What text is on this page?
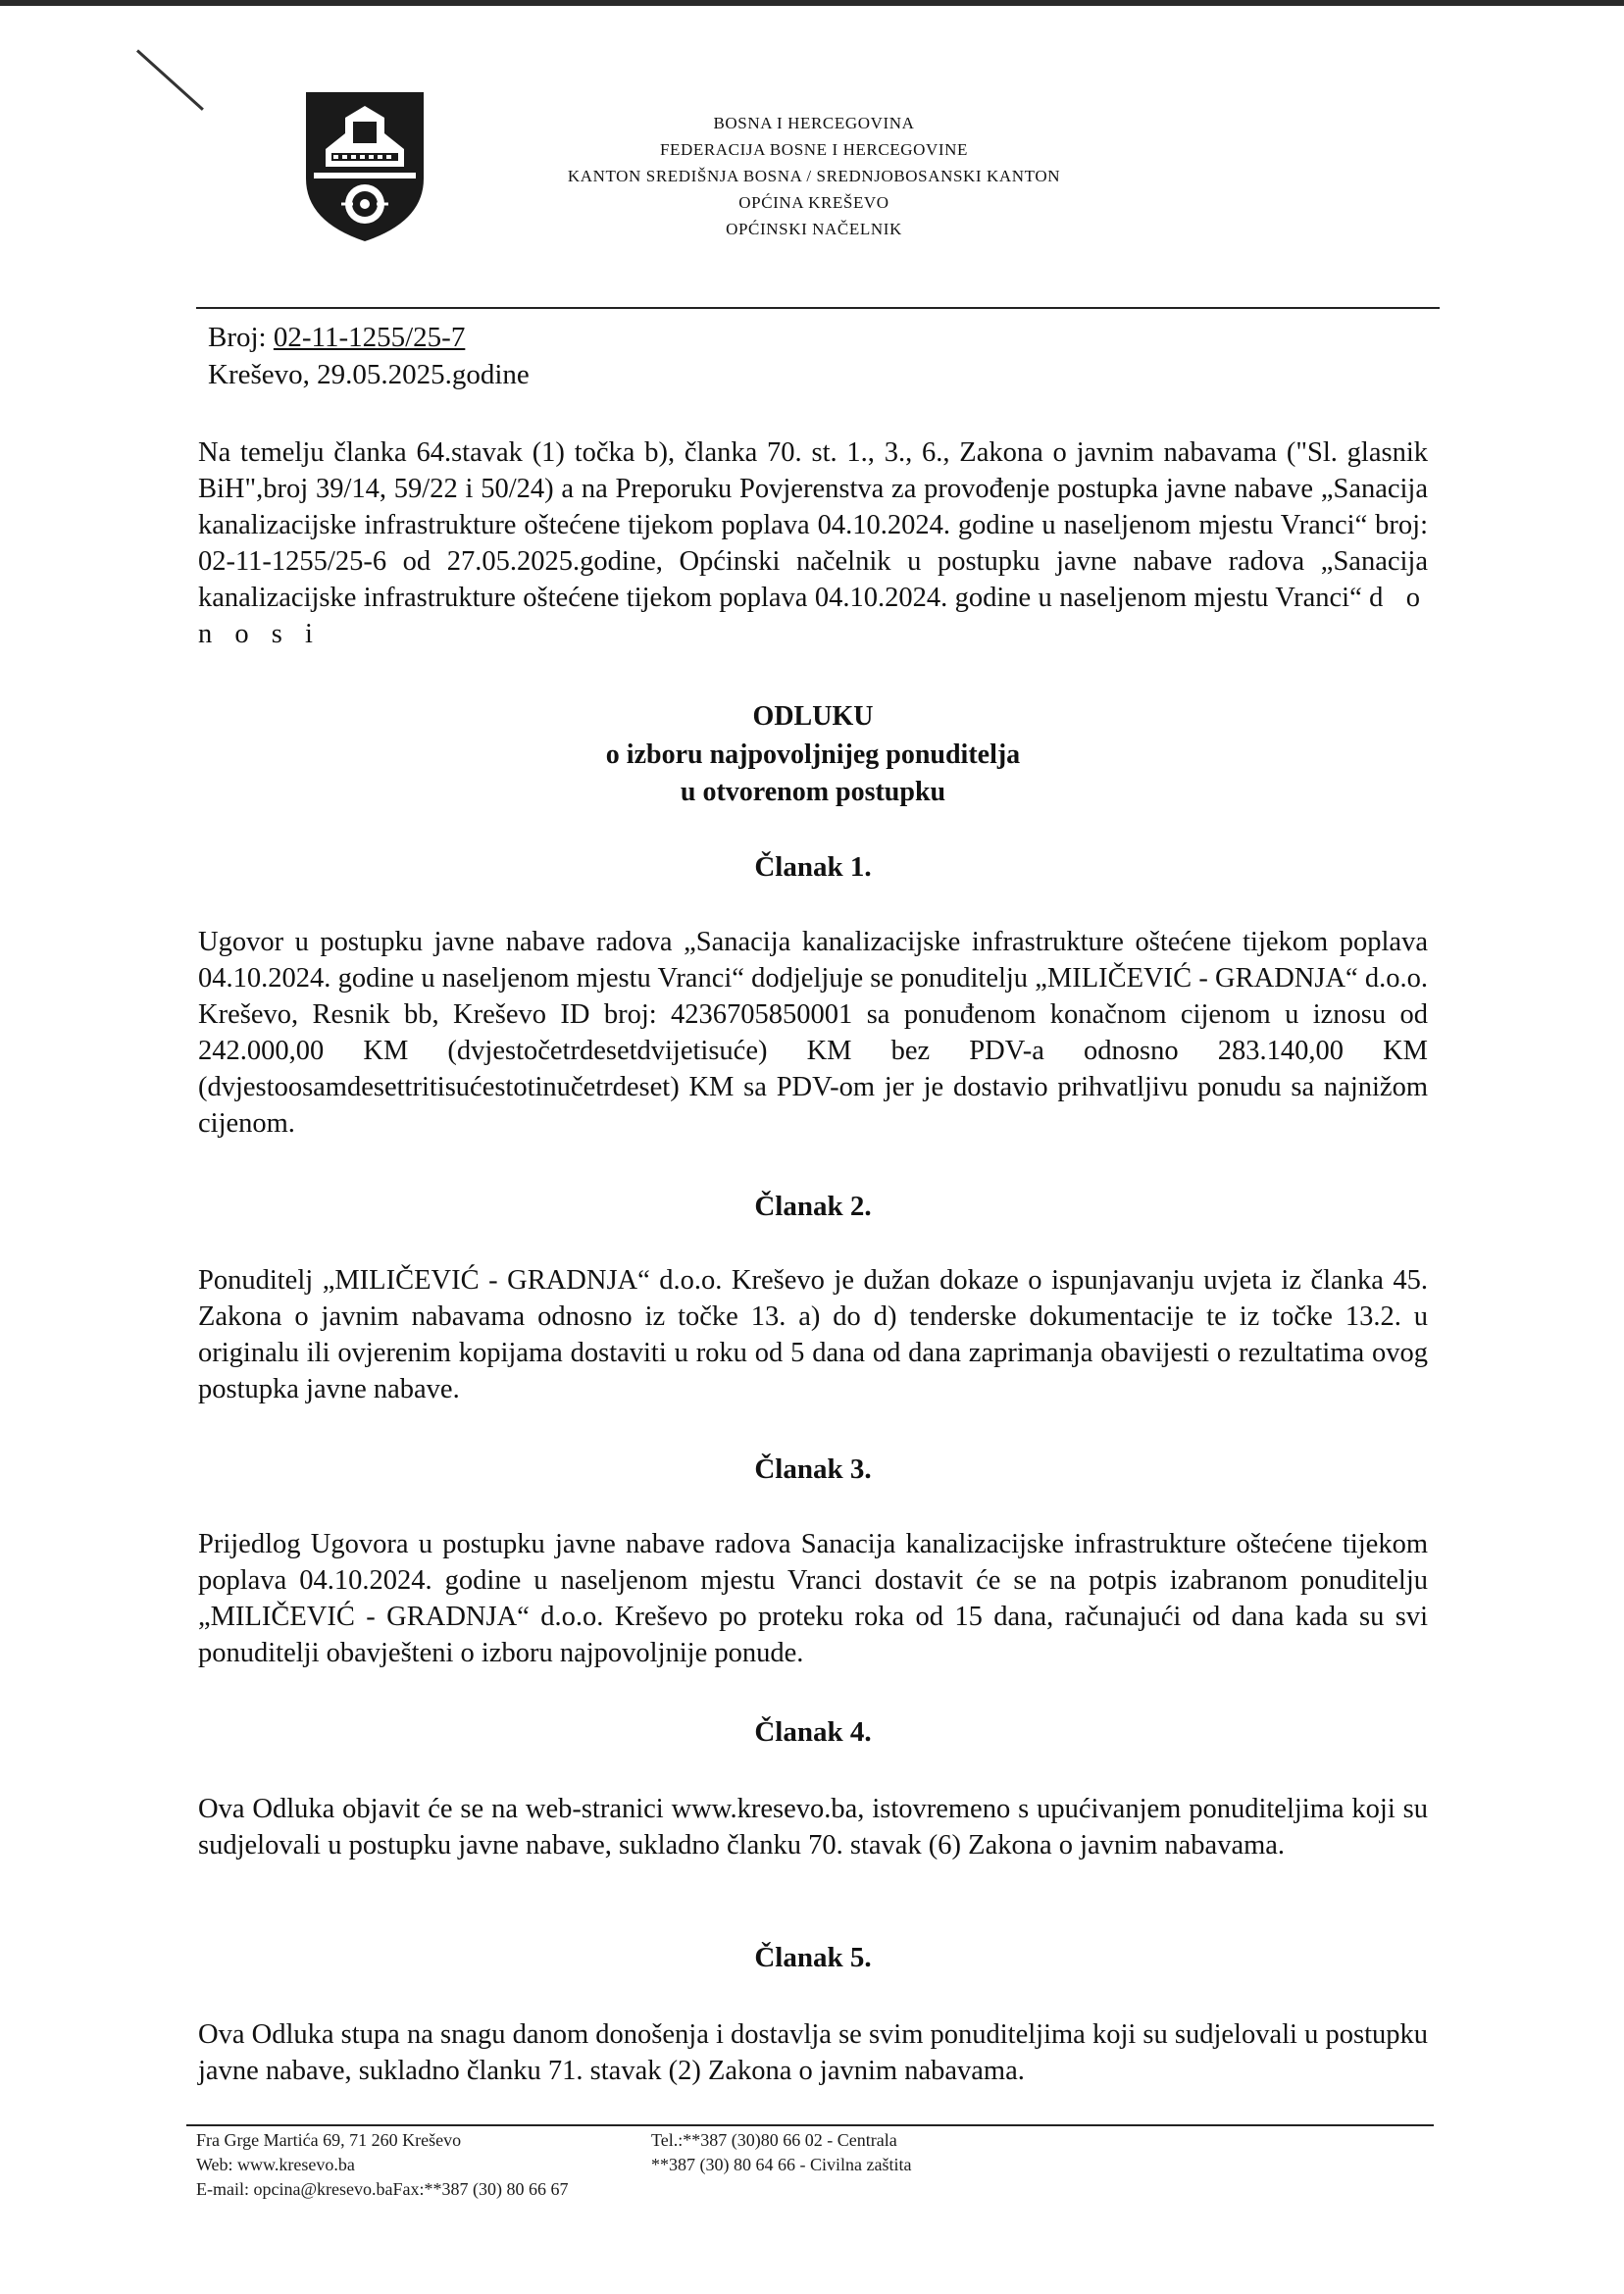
BOSNA I HERCEGOVINA
FEDERACIJA BOSNE I HERCEGOVINE
KANTON SREDIŠNJA BOSNA / SREDNJOBOSANSKI KANTON
OPĆINA KREŠEVO
OPĆINSKI NAČELNIK
Broj: 02-11-1255/25-7
Kreševo, 29.05.2025.godine
Na temelju članka 64.stavak (1) točka b), članka 70. st. 1., 3., 6., Zakona o javnim nabavama ("Sl. glasnik BiH",broj 39/14, 59/22 i 50/24) a na Preporuku Povjerenstva za provođenje postupka javne nabave „Sanacija kanalizacijske infrastrukture oštećene tijekom poplava 04.10.2024. godine u naseljenom mjestu Vranci“ broj: 02-11-1255/25-6 od 27.05.2025.godine, Općinski načelnik u postupku javne nabave radova „Sanacija kanalizacijske infrastrukture oštećene tijekom poplava 04.10.2024. godine u naseljenom mjestu Vranci“ d o n o s i
ODLUKU
o izboru najpovoljnijeg ponuditelja
u otvorenom postupku
Članak 1.
Ugovor u postupku javne nabave radova „Sanacija kanalizacijske infrastrukture oštećene tijekom poplava 04.10.2024. godine u naseljenom mjestu Vranci“ dodjeljuje se ponuditelju „MILIČEVIĆ - GRADNJA“ d.o.o. Kreševo, Resnik bb, Kreševo ID broj: 4236705850001 sa ponuđenom konačnom cijenom u iznosu od 242.000,00 KM (dvjestočetrdesetdvijetisuće) KM bez PDV-a odnosno 283.140,00 KM (dvjestoosamdesettritisućestotinučetrdeset) KM sa PDV-om jer je dostavio prihvatljivu ponudu sa najnižom cijenom.
Članak 2.
Ponuditelj „MILIČEVIĆ - GRADNJA“ d.o.o. Kreševo je dužan dokaze o ispunjavanju uvjeta iz članka 45. Zakona o javnim nabavama odnosno iz točke 13. a) do d) tenderske dokumentacije te iz točke 13.2. u originalu ili ovjerenim kopijama dostaviti u roku od 5 dana od dana zaprimanja obavijesti o rezultatima ovog postupka javne nabave.
Članak 3.
Prijedlog Ugovora u postupku javne nabave radova Sanacija kanalizacijske infrastrukture oštećene tijekom poplava 04.10.2024. godine u naseljenom mjestu Vranci dostavit će se na potpis izabranom ponuditelju „MILIČEVIĆ - GRADNJA“ d.o.o. Kreševo po proteku roka od 15 dana, računajući od dana kada su svi ponuditelji obavješteni o izboru najpovoljnije ponude.
Članak 4.
Ova Odluka objavit će se na web-stranici www.kresevo.ba, istovremeno s upućivanjem ponuditeljima koji su sudjelovali u postupku javne nabave, sukladno članku 70. stavak (6) Zakona o javnim nabavama.
Članak 5.
Ova Odluka stupa na snagu danom donošenja i dostavlja se svim ponuditeljima koji su sudjelovali u postupku javne nabave, sukladno članku 71. stavak (2) Zakona o javnim nabavama.
Fra Grge Martića 69, 71 260 Kreševo
Web: www.kresevo.ba
E-mail: opcina@kresevo.baFax:**387 (30) 80 66 67
Tel.:**387 (30)80 66 02 - Centrala
**387 (30) 80 64 66 - Civilna zaštita
